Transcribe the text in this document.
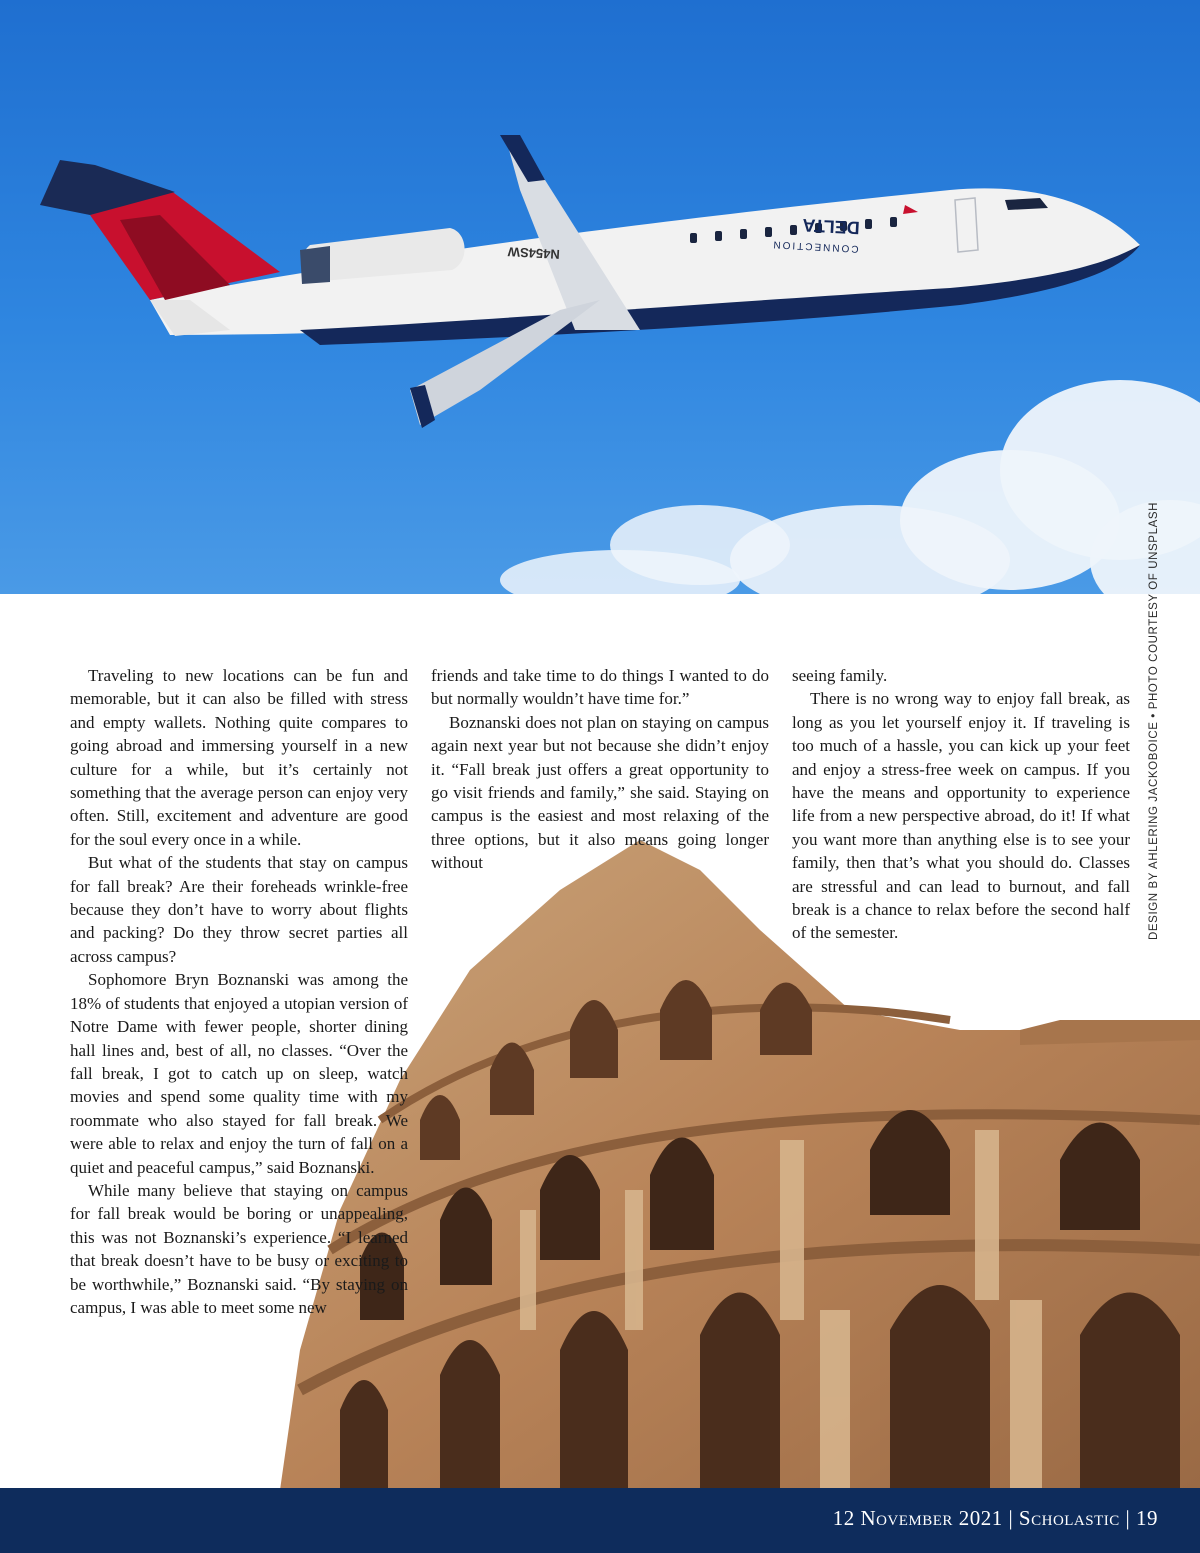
DELTA
CONNECTION
N454SW
DESIGN BY AHLERING JACKOBOICE • PHOTO COURTESY OF UNSPLASH

Traveling to new locations can be fun and memorable, but it can also be filled with stress and empty wallets. Nothing quite compares to going abroad and immersing yourself in a new culture for a while, but it’s certainly not something that the average person can enjoy very often. Still, excitement and adventure are good for the soul every once in a while.

But what of the students that stay on campus for fall break? Are their foreheads wrinkle-free because they don’t have to worry about flights and packing? Do they throw secret parties all across campus?

Sophomore Bryn Boznanski was among the 18% of students that enjoyed a utopian version of Notre Dame with fewer people, shorter dining hall lines and, best of all, no classes. “Over the fall break, I got to catch up on sleep, watch movies and spend some quality time with my roommate who also stayed for fall break. We were able to relax and enjoy the turn of fall on a quiet and peaceful campus,” said Boznanski.

While many believe that staying on campus for fall break would be boring or unappealing, this was not Boznanski’s experience. “I learned that break doesn’t have to be busy or exciting to be worthwhile,” Boznanski said. “By staying on campus, I was able to meet some new

friends and take time to do things I wanted to do but normally wouldn’t have time for.”

Boznanski does not plan on staying on campus again next year but not because she didn’t enjoy it. “Fall break just offers a great opportunity to go visit friends and family,” she said. Staying on campus is the easiest and most relaxing of the three options, but it also means going longer without

seeing family.

There is no wrong way to enjoy fall break, as long as you let yourself enjoy it. If traveling is too much of a hassle, you can kick up your feet and enjoy a stress-free week on campus. If you have the means and opportunity to experience life from a new perspective abroad, do it! If what you want more than anything else is to see your family, then that’s what you should do. Classes are stressful and can lead to burnout, and fall break is a chance to relax before the second half of the semester.

12 November 2021 | Scholastic | 19
